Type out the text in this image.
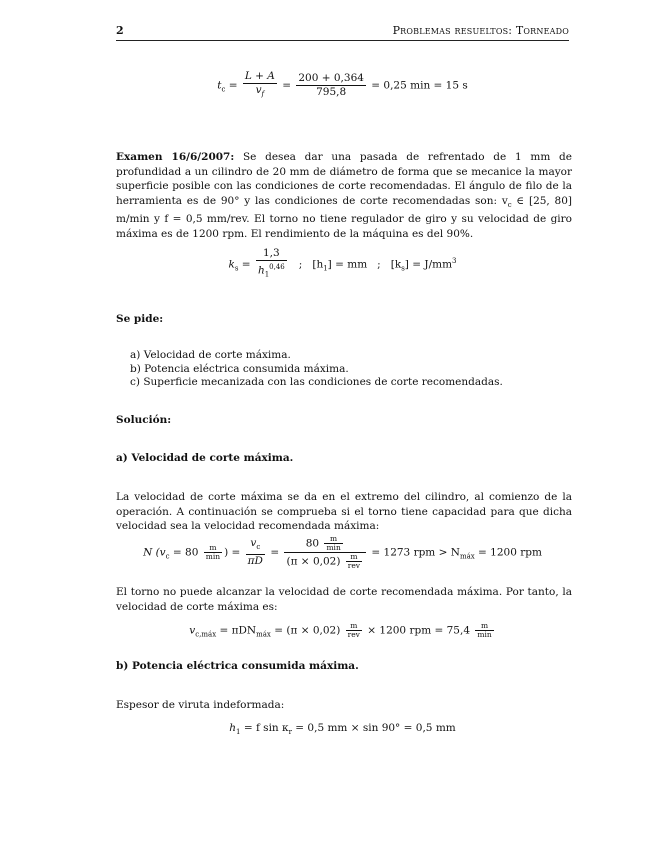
2	Problemas resueltos: Torneado
$t_c = \frac{L + A}{v_f} = \frac{200 + 0,364}{795,8} = 0,25$ min = 15 s
Examen 16/6/2007: Se desea dar una pasada de refrentado de 1 mm de profundidad a un cilindro de 20 mm de diámetro de forma que se mecanice la mayor superficie posible con las condiciones de corte recomendadas. El ángulo de filo de la herramienta es de 90° y las condiciones de corte recomendadas son: $v_c$ ∈ [25, 80] m/min y f = 0,5 mm/rev. El torno no tiene regulador de giro y su velocidad de giro máxima es de 1200 rpm. El rendimiento de la máquina es del 90%.
$k_s = \frac{1,3}{h_1^{0,46}}$ ; $[h_1]$ = mm ; $[k_s] = J/mm^3$
Se pide:
a) Velocidad de corte máxima.
b) Potencia eléctrica consumida máxima.
c) Superficie mecanizada con las condiciones de corte recomendadas.
Solución:
a) Velocidad de corte máxima.
La velocidad de corte máxima se da en el extremo del cilindro, al comienzo de la operación. A continuación se comprueba si el torno tiene capacidad para que dicha velocidad sea la velocidad recomendada máxima:
N ($v_c = 80 \frac{m}{\min}$ ) = $\frac{v_c}{\pi D} = \frac{80 \frac{m}{\min}}{(\pi \times 0,02) \frac{m}{\text{rev}}} = 1273$ rpm > $N_{máx} = 1200$ rpm
El torno no puede alcanzar la velocidad de corte recomendada máxima. Por tanto, la velocidad de corte máxima es:
$v_{c,máx} = \pi DN_{máx} = (\pi \times 0,02) \frac{m}{\text{rev}} \times 1200$ rpm = $75,4 \frac{m}{\min}$
b) Potencia eléctrica consumida máxima.
Espesor de viruta indeformada:
$h_1 = f$ $\sin \kappa_r = 0,5$ mm × sin 90° = 0,5 mm
